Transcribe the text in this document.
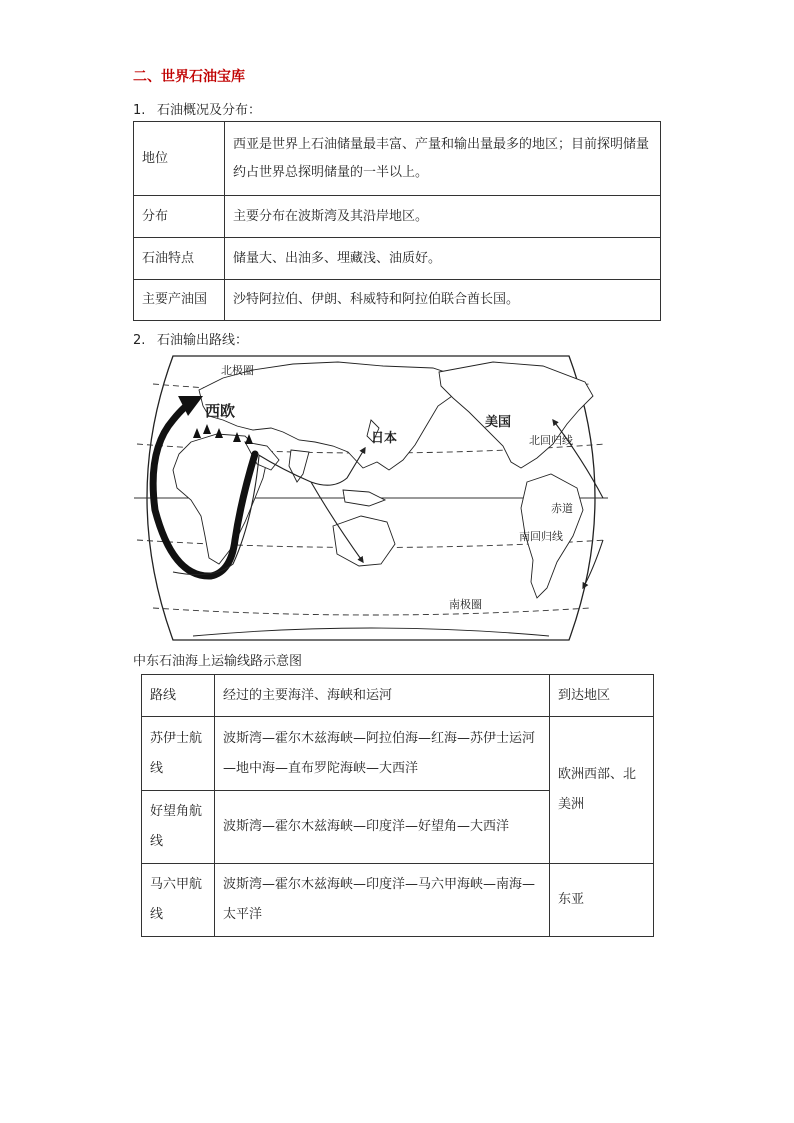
二、世界石油宝库
1. 石油概况及分布：
地位	西亚是世界上石油储量最丰富、产量和输出量最多的地区；目前探明储量约占世界总探明储量的一半以上。
分布	主要分布在波斯湾及其沿岸地区。
石油特点	储量大、出油多、埋藏浅、油质好。
主要产油国	沙特阿拉伯、伊朗、科威特和阿拉伯联合酋长国。
2. 石油输出路线：
北极圈
西欧
日本
美国
北回归线
赤道
南回归线
南极圈
中东石油海上运输线路示意图
路线	经过的主要海洋、海峡和运河	到达地区
苏伊士航线	波斯湾—霍尔木兹海峡—阿拉伯海—红海—苏伊士运河—地中海—直布罗陀海峡—大西洋	欧洲西部、北美洲
好望角航线	波斯湾—霍尔木兹海峡—印度洋—好望角—大西洋	
马六甲航线	波斯湾—霍尔木兹海峡—印度洋—马六甲海峡—南海—太平洋	东亚
